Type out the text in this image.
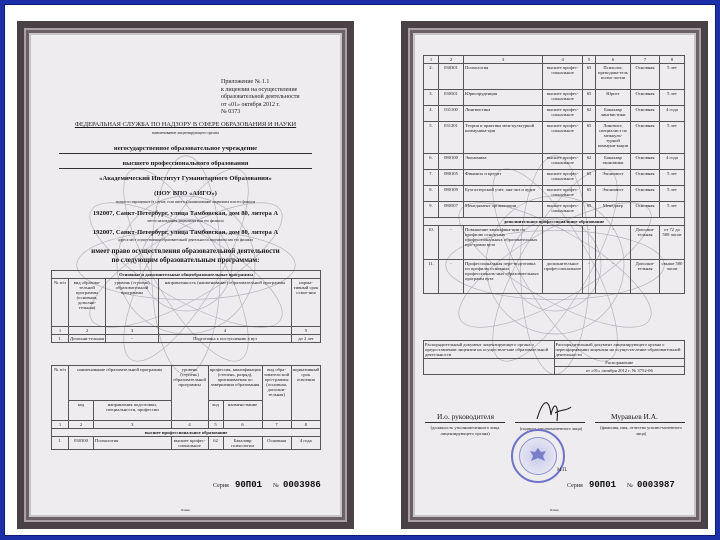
Приложение № 1.1
к лицензии на осуществление
образовательной деятельности
от «01» октября 2012 г.
№ 0373
ФЕДЕРАЛЬНАЯ СЛУЖБА ПО НАДЗОРУ В СФЕРЕ ОБРАЗОВАНИЯ И НАУКИ
наименование лицензирующего органа
негосударственное образовательное учреждение
высшего профессионального образования
«Академический Институт Гуманитарного Образования»
(НОУ ВПО «АИГО»)
полное и сокращенное (в случае, если имеется) наименование лицензиата или его филиала
192007, Санкт-Петербург, улица Тамбовская, дом 80, литера А
место нахождения лицензиата или его филиала
192007, Санкт-Петербург, улица Тамбовская, дом 80, литера А
адреса мест осуществления образовательной деятельности лицензиата или его филиала
имеет право осуществления образовательной деятельности
по следующим образовательным программам:
Основные и дополнительные общеобразовательные программы				
№ п/п	вид образова-тельной программы (основная, дополни-тельная)	уровень (ступень) образовательной программы	направленность (наименование) образовательной программы	норма-тивный срок освое-ния
1	2	3	4	5
1.	Дополни-тельная	-	Подготовка к поступлению в вуз	до 2 лет
№ п/п	наименование образовательной программы		уровень (ступень) образовательной программы	профессия, квалификация (степень, разряд), присваиваемая по завершении образования		вид обра-зователь-ной про-граммы (основная, дополни-тельная)	нормативный срок освоения
	код	направления подготовки, специальности, профессии		код	наимено-вание		
1	2	3	4	5	6	7	8
высшее профессиональное образование							
1.	030300	Психология	высшее профес-сиональное	62	Бакалавр психологии	Основная	4 года
Серия 90П01 № 0003986
Бланк
1	2	3	4	5	6	7	8
2.	030301	Психология	высшее профес-сиональное	65	Психолог, преподава-тель психо-логии	Основная	5 лет
3.	030501	Юриспруденция	высшее профес-сиональное	65	Юрист	Основная	5 лет
4.	031100	Лингвистика	высшее профес-сиональное	62	Бакалавр лингвистики	Основная	4 года
5.	031201	Теория и практика меж-культурной коммуника-ции	высшее профес-сиональное	65	Лингвист, специалист по межкуль-турной коммуни-кации	Основная	5 лет
6.	080100	Экономика	высшее профес-сиональное	62	Бакалавр экономики	Основная	4 года
7.	080105	Финансы и кредит	высшее профес-сиональное	65	Экономист	Основная	5 лет
8.	080109	Бухгалтерский учет, ана-лиз и аудит	высшее профес-сиональное	65	Экономист	Основная	5 лет
9.	080507	Менеджмент организации	высшее профес-сиональное	65	Менеджер	Основная	5 лет
дополнительное профессиональное образование							
10.	-	Повышение квалифика-ции по профилю основ-ных профессиональных образовательных про-грамм вуза	-	-	-	Дополни-тельная	от 72 до 500 часов
11.	-	Профессиональная пере-подготовка по профилю основных профессиональ-ных образовательных программ вуза	дополнительное профессиональное	-	-	Дополни-тельная	свыше 500 часов
Распорядительный документ лицензирующего органа о предоставлении лицензии на осуществле-ние образовательной деятельности	Распорядительный документ лицензирующего органа о переоформлении лицензии на осуществ-ление образовательной деятельности
	Распоряжение
	от «01» октября 2012 г. № 3752-06
И.о. руководителя	Муравьев И.А.
(должность уполномоченного лица лицензирующего органа)
(подпись уполномоченного лица)	(фамилия, имя, отчество уполно-моченного лица)
М.П.
Серия 90П01 № 0003987
Бланк
